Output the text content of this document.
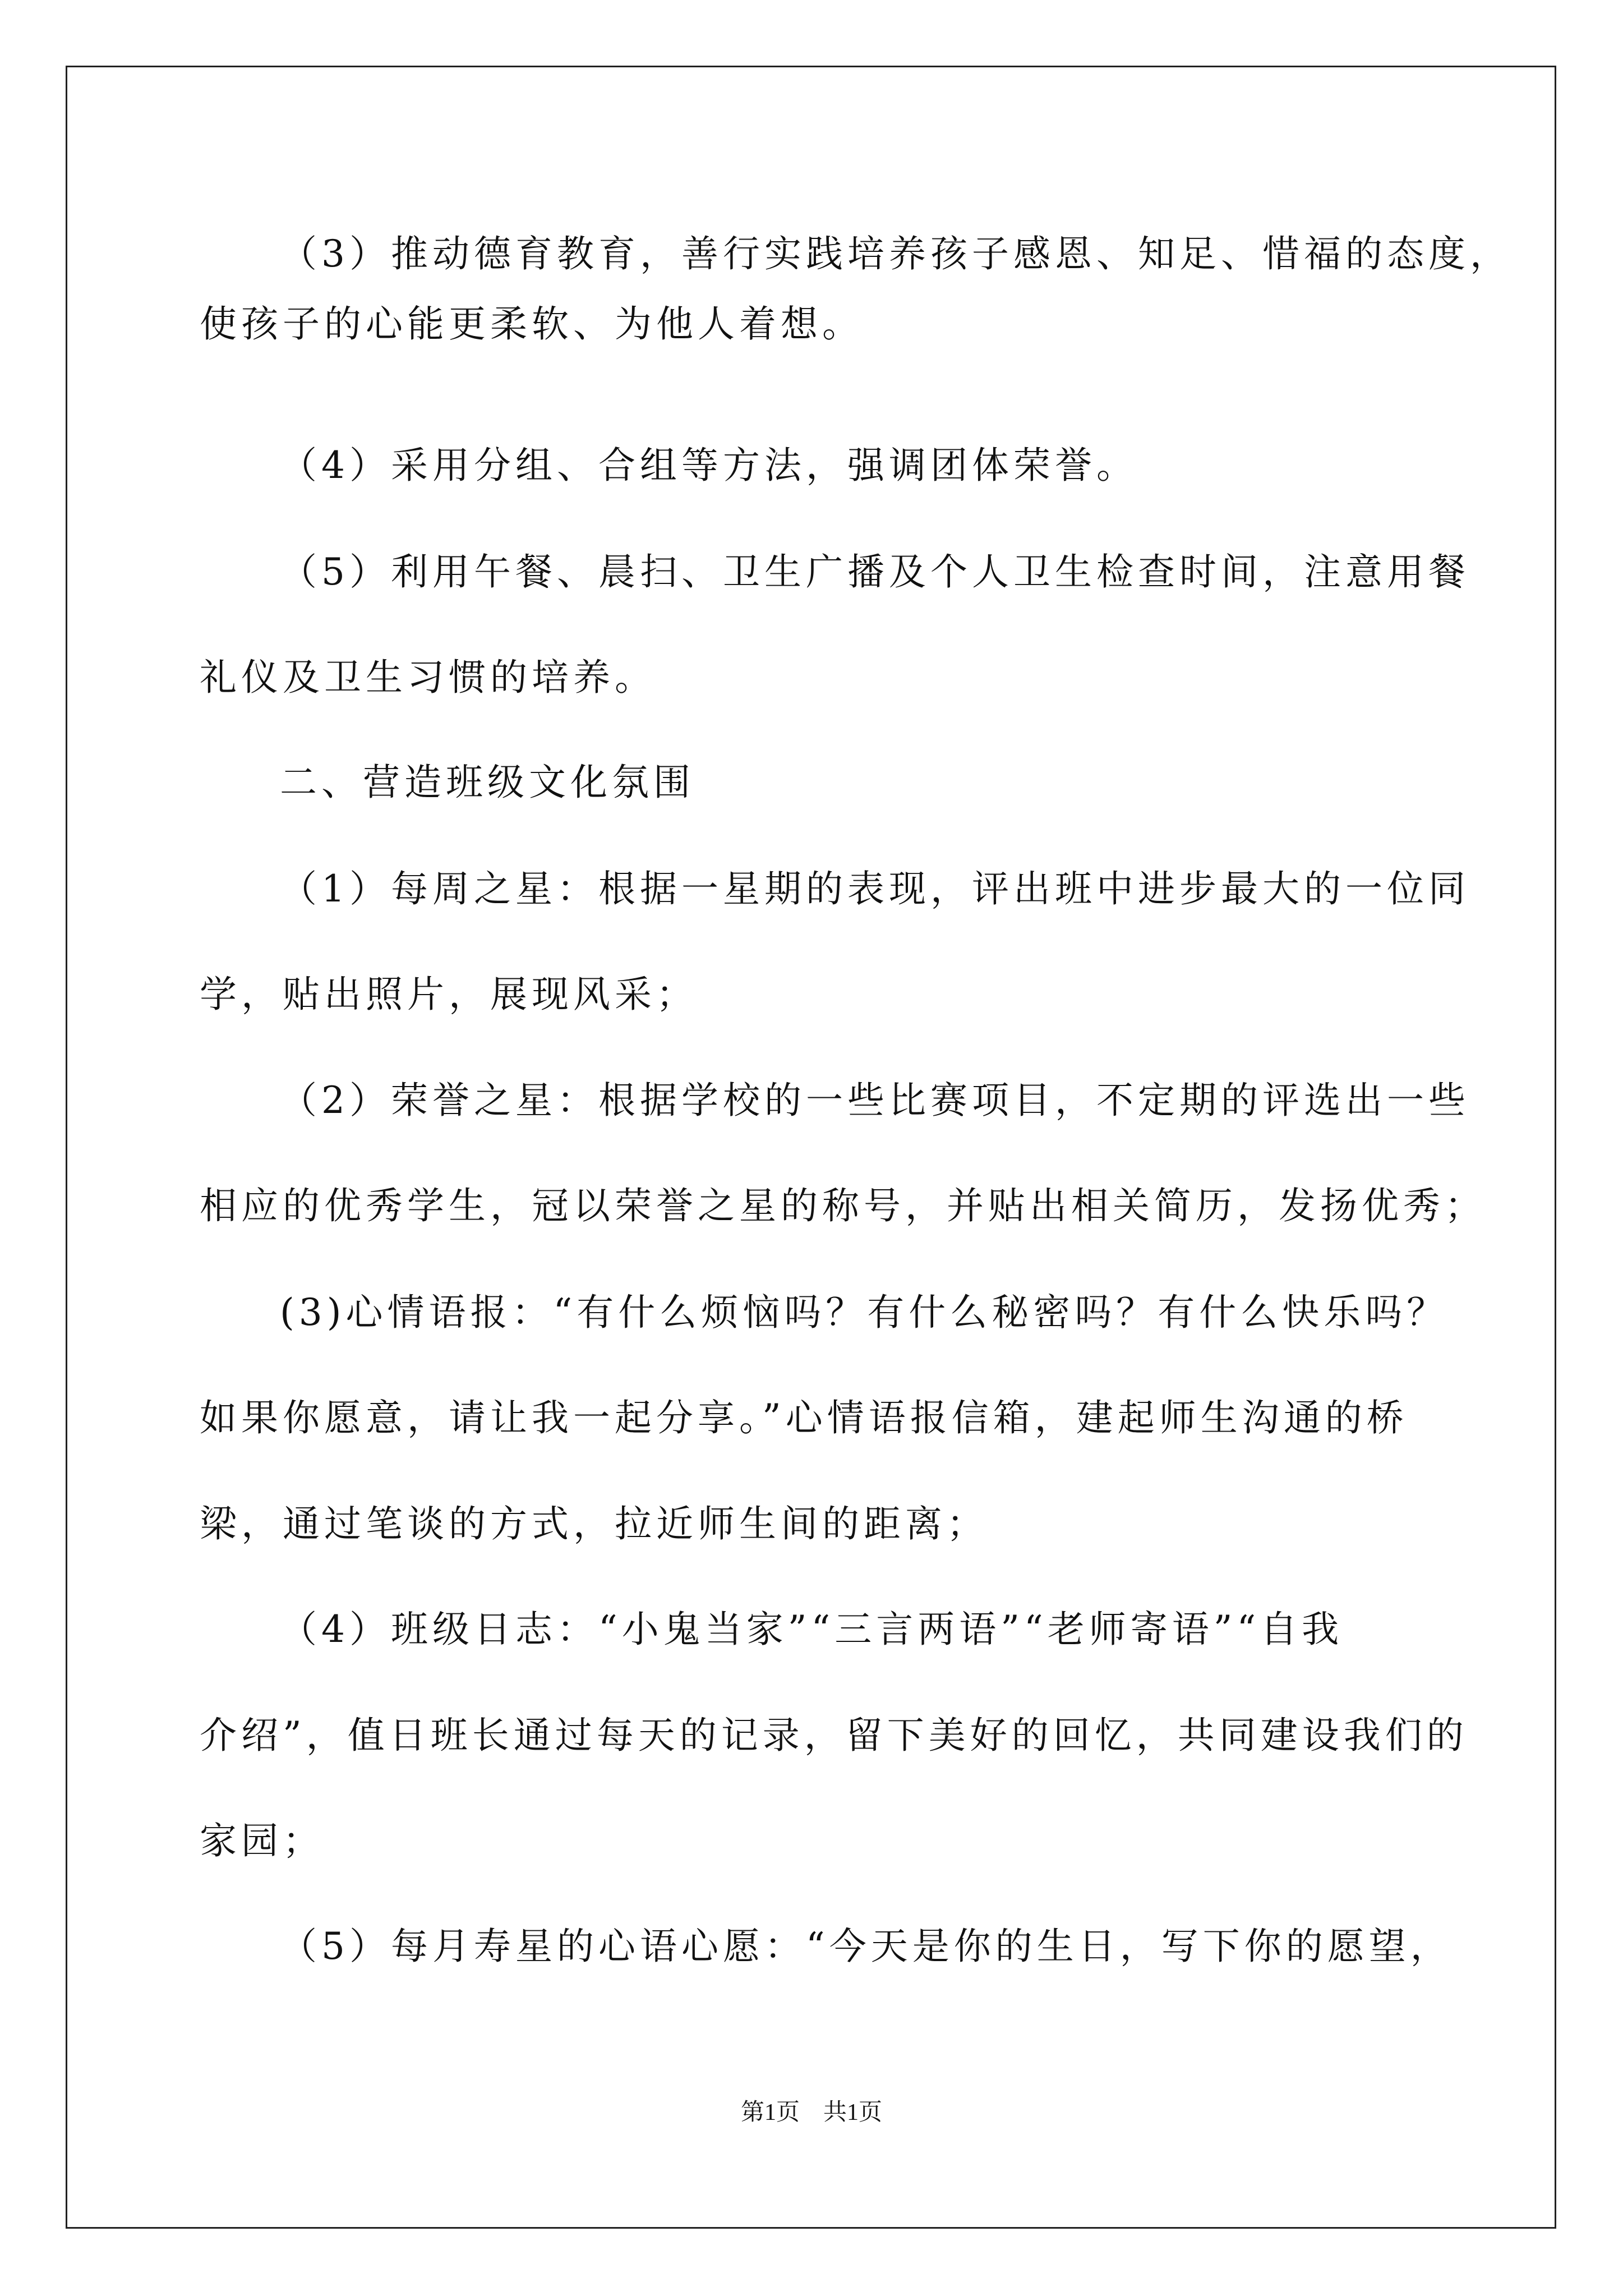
（3）推动德育教育，善行实践培养孩子感恩、知足、惜福的态度，
使孩子的心能更柔软、为他人着想。
（4）采用分组、合组等方法，强调团体荣誉。
（5）利用午餐、晨扫、卫生广播及个人卫生检查时间，注意用餐
礼仪及卫生习惯的培养。
二、营造班级文化氛围
（1）每周之星：根据一星期的表现，评出班中进步最大的一位同
学，贴出照片，展现风采；
（2）荣誉之星：根据学校的一些比赛项目，不定期的评选出一些
相应的优秀学生，冠以荣誉之星的称号，并贴出相关简历，发扬优秀；
(3)心情语报：“有什么烦恼吗？有什么秘密吗？有什么快乐吗？
如果你愿意，请让我一起分享。”心情语报信箱，建起师生沟通的桥
梁，通过笔谈的方式，拉近师生间的距离；
（4）班级日志：“小鬼当家”“三言两语”“老师寄语”“自我
介绍”，值日班长通过每天的记录，留下美好的回忆，共同建设我们的
家园；
（5）每月寿星的心语心愿：“今天是你的生日，写下你的愿望，
第1页　共1页
